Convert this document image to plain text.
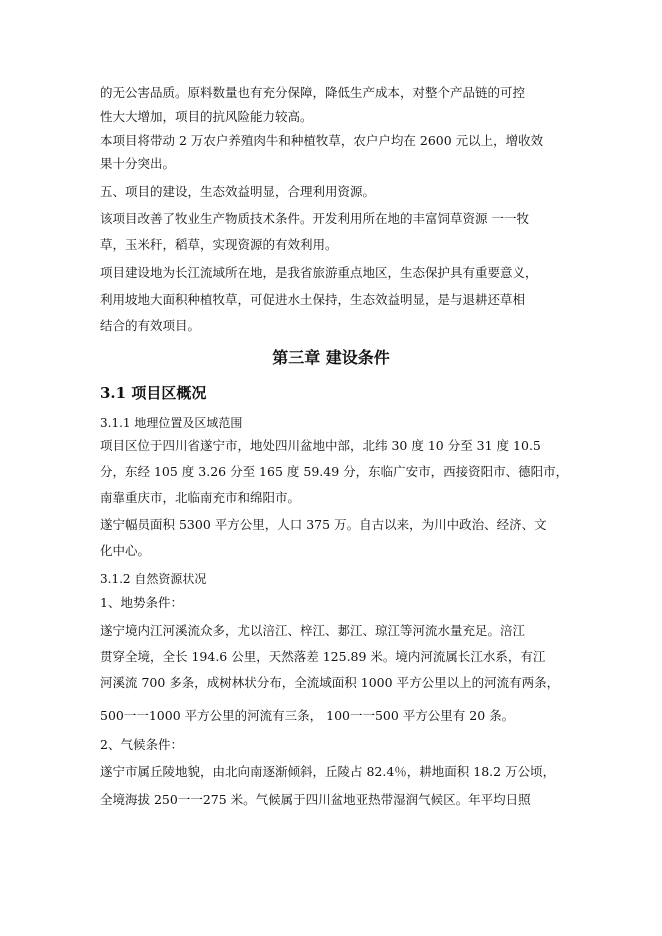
的无公害品质。原料数量也有充分保障，降低生产成本，对整个产品链的可控
性大大增加，项目的抗风险能力较高。
本项目将带动 2 万农户养殖肉牛和种植牧草，农户户均在 2600 元以上，增收效
果十分突出。
五、项目的建设，生态效益明显，合理利用资源。
该项目改善了牧业生产物质技术条件。开发利用所在地的丰富饲草资源 一一牧
草，玉米秆，稻草，实现资源的有效利用。
项目建设地为长江流域所在地，是我省旅游重点地区，生态保护具有重要意义，
利用坡地大面积种植牧草，可促进水土保持，生态效益明显，是与退耕还草相
结合的有效项目。
第三章 建设条件
3.1 项目区概况
3.1.1 地理位置及区域范围
项目区位于四川省遂宁市，地处四川盆地中部，北纬 30 度 10 分至 31 度 10.5
分，东经 105 度 3.26 分至 165 度 59.49 分，东临广安市，西接资阳市、德阳市，
南靠重庆市，北临南充市和绵阳市。
遂宁幅员面积 5300 平方公里，人口 375 万。自古以来，为川中政治、经济、文
化中心。
3.1.2 自然资源状况
1、地势条件：
遂宁境内江河溪流众多，尤以涪江、梓江、郪江、琼江等河流水量充足。涪江
贯穿全境，全长 194.6 公里，天然落差 125.89 米。境内河流属长江水系，有江
河溪流 700 多条，成树林状分布，全流域面积 1000 平方公里以上的河流有两条，
500一一1000 平方公里的河流有三条， 100一一500 平方公里有 20 条。
2、气候条件：
遂宁市属丘陵地貌，由北向南逐渐倾斜，丘陵占 82.4％，耕地面积 18.2 万公顷，
全境海拔 250一一275 米。气候属于四川盆地亚热带湿润气候区。年平均日照
